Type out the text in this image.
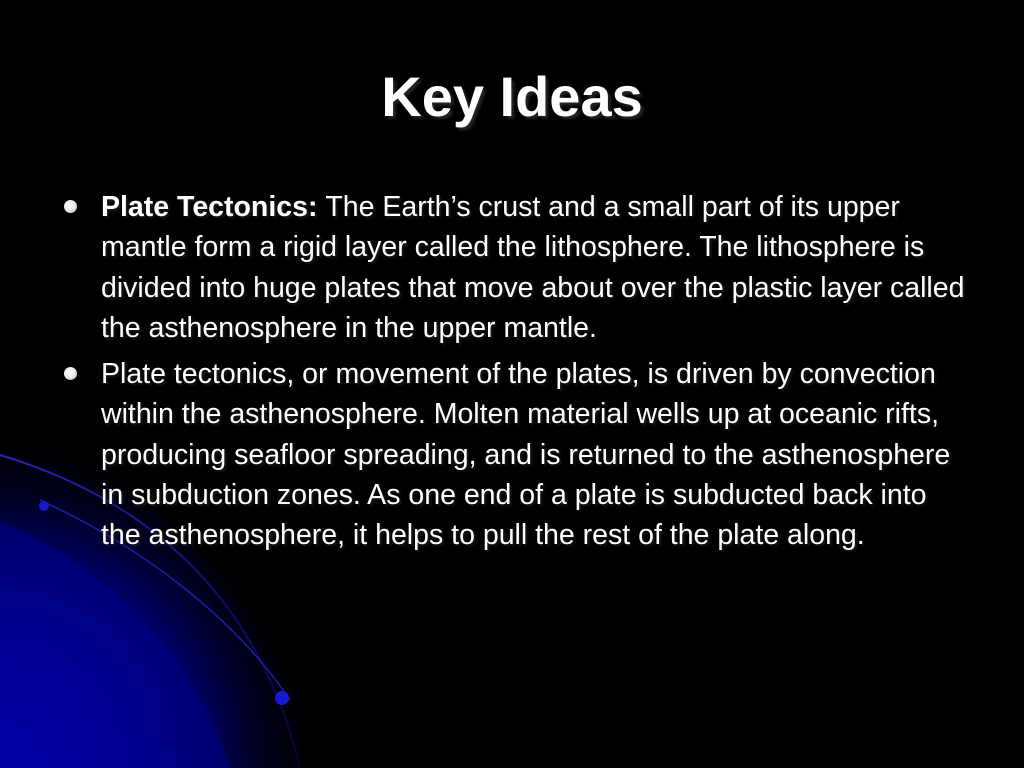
Key Ideas
Plate Tectonics: The Earth’s crust and a small part of its upper mantle form a rigid layer called the lithosphere. The lithosphere is divided into huge plates that move about over the plastic layer called the asthenosphere in the upper mantle.
Plate tectonics, or movement of the plates, is driven by convection within the asthenosphere. Molten material wells up at oceanic rifts, producing seafloor spreading, and is returned to the asthenosphere in subduction zones. As one end of a plate is subducted back into the asthenosphere, it helps to pull the rest of the plate along.
